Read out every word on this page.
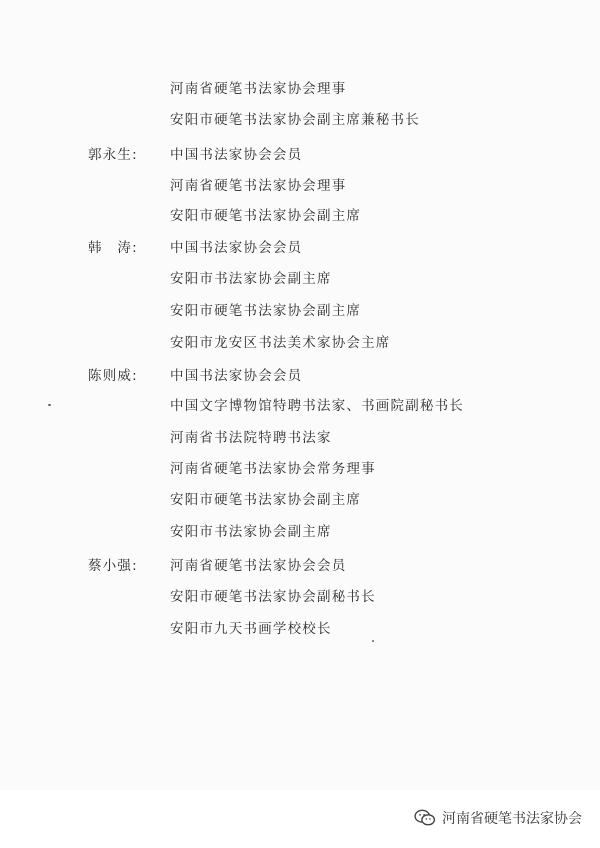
河南省硬笔书法家协会理事
安阳市硬笔书法家协会副主席兼秘书长
郭永生: 中国书法家协会会员
河南省硬笔书法家协会理事
安阳市硬笔书法家协会副主席
韩　涛: 中国书法家协会会员
安阳市书法家协会副主席
安阳市硬笔书法家协会副主席
安阳市龙安区书法美术家协会主席
陈则威: 中国书法家协会会员
中国文字博物馆特聘书法家、书画院副秘书长
河南省书法院特聘书法家
河南省硬笔书法家协会常务理事
安阳市硬笔书法家协会副主席
安阳市书法家协会副主席
蔡小强: 河南省硬笔书法家协会会员
安阳市硬笔书法家协会副秘书长
安阳市九天书画学校校长
河南省硬笔书法家协会
